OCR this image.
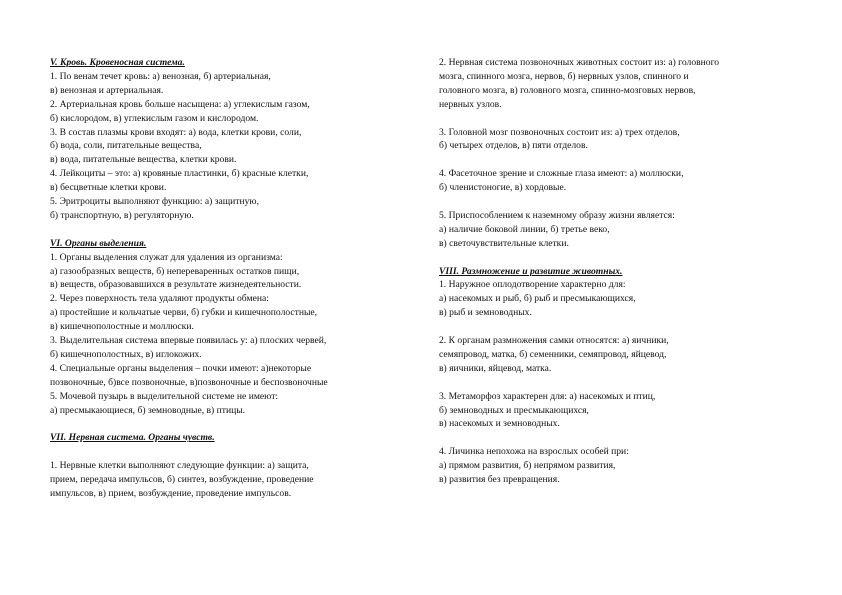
V. Кровь. Кровеносная система.
1. По венам течет кровь: а) венозная, б) артериальная,
в) венозная и артериальная.
2. Артериальная кровь больше насыщена: а) углекислым газом,
б) кислородом, в) углекислым газом и кислородом.
3. В состав плазмы крови входят: а) вода, клетки крови, соли,
б) вода, соли, питательные вещества,
в) вода, питательные вещества, клетки крови.
4. Лейкоциты – это: а) кровяные пластинки, б) красные клетки,
в) бесцветные клетки крови.
5. Эритроциты выполняют функцию: а) защитную,
б) транспортную, в) регуляторную.
VI. Органы выделения.
1. Органы выделения служат для удаления из организма:
а) газообразных веществ, б) непереваренных остатков пищи,
в) веществ, образовавшихся в результате жизнедеятельности.
2. Через поверхность тела удаляют продукты обмена:
а) простейшие и кольчатые черви, б) губки и кишечнополостные,
в) кишечнополостные и моллюски.
3. Выделительная система впервые появилась у: а) плоских червей,
б) кишечнополостных, в) иглокожих.
4. Специальные органы выделения – почки имеют: а)некоторые
позвоночные, б)все позвоночные, в)позвоночные и беспозвоночные
5. Мочевой пузырь в выделительной системе не имеют:
а) пресмыкающиеся, б) земноводные, в) птицы.
VII. Нервная система. Органы чувств.
1. Нервные клетки выполняют следующие функции: а) защита,
прием, передача импульсов, б) синтез, возбуждение, проведение
импульсов, в) прием, возбуждение, проведение импульсов.
2. Нервная система позвоночных животных состоит из: а) головного
мозга, спинного мозга, нервов, б) нервных узлов, спинного и
головного мозга, в) головного мозга, спинно-мозговых нервов,
нервных узлов.
3. Головной мозг позвоночных состоит из: а) трех отделов,
б) четырех отделов, в) пяти отделов.
4. Фасеточное зрение и сложные глаза имеют: а) моллюски,
б) членистоногие, в) хордовые.
5. Приспособлением к наземному образу жизни является:
а) наличие боковой линии, б) третье веко,
в) светочувствительные клетки.
VIII. Размножение и развитие животных.
1. Наружное оплодотворение характерно для:
а) насекомых и рыб, б) рыб и пресмыкающихся,
в) рыб и земноводных.
2. К органам размножения самки относятся: а) яичники,
семяпровод, матка, б) семенники, семяпровод, яйцевод,
в) яичники, яйцевод, матка.
3. Метаморфоз характерен для: а) насекомых и птиц,
б) земноводных и пресмыкающихся,
в) насекомых и земноводных.
4. Личинка непохожа на взрослых особей при:
а) прямом развития, б) непрямом развития,
в) развития без превращения.
